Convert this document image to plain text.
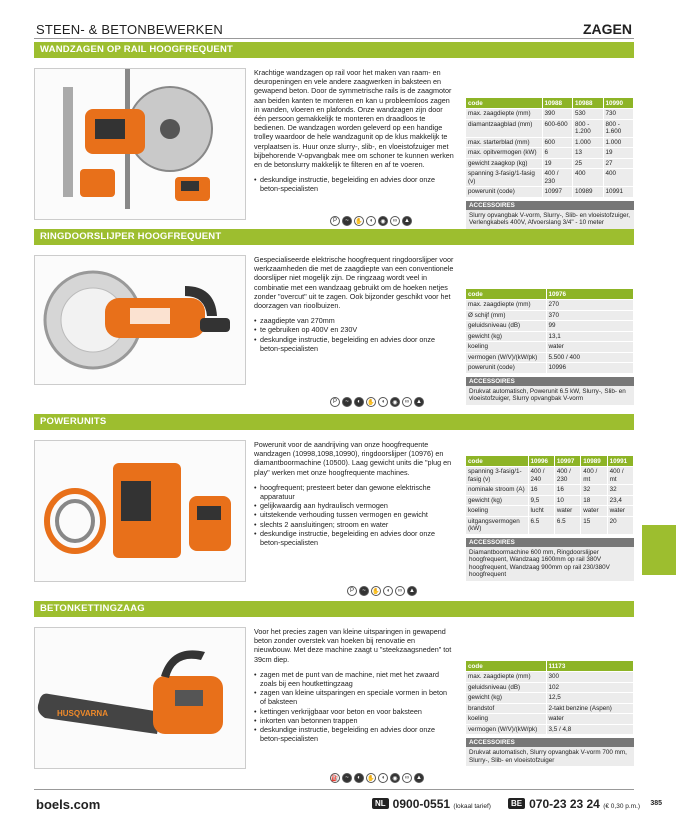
STEEN- & BETONBEWERKEN	ZAGEN
WANDZAGEN OP RAIL HOOGFREQUENT

Krachtige wandzagen op rail voor het maken van raam- en deuropeningen en vele andere zaagwerken in baksteen en gewapend beton. Door de symmetrische rails is de zaagmotor aan beiden kanten te monteren en kan u probleemloos zagen in wanden, vloeren en plafonds. Onze wandzagen zijn door één persoon gemakkelijk te monteren en draadloos te bedienen. De wandzagen worden geleverd op een handige trolley waardoor de hele wandzagunit op de klus makkelijk te verplaatsen is. Huur onze slurry-, slib-, en vloeistofzuiger met bijbehorende V-opvangbak mee om schoner te kunnen werken en de betonslurry makkelijk te filteren en af te voeren.

• deskundige instructie, begeleiding en advies door onze beton-specialisten
P	~	✋	◖	◉	∞	▲
code	10988	10988	10990
max. zaagdiepte (mm)	390	530	730
diamantzaagblad (mm)	600-600	800 - 1.200	800 - 1.600
max. starterblad (mm)	600	1.000	1.000
max. opitvermogen (kW)	6	13	19
gewicht zaagkop (kg)	19	25	27
spanning 3-fasig/1-fasig (v)	400 / 230	400	400
powerunit (code)	10997	10989	10991
ACCESSOIRES
Slurry opvangbak V-vorm, Slurry-, Slib- en vloeistofzuiger, Verlengkabels 400V, Afvoerslang 3/4" - 10 meter
RINGDOORSLIJPER HOOGFREQUENT

Gespecialiseerde elektrische hoogfrequent ringdoorslijper voor werkzaamheden die met de zaagdiepte van een conventionele doorslijper niet mogelijk zijn. De ringzaag wordt veel in combinatie met een wandzaag gebruikt om de hoeken netjes zonder "overcut" uit te zagen. Ook bijzonder geschikt voor het doorzagen van rioolbuizen.

• zaagdiepte van 270mm
• te gebruiken op 400V en 230V
• deskundige instructie, begeleiding en advies door onze beton-specialisten
P	~	◐	✋	◖	◉	∞	▲
code	10976
max. zaagdiepte (mm)	270
Ø schijf (mm)	370
geluidsniveau (dB)	99
gewicht (kg)	13,1
koeling	water
vermogen (W/V)/(kW/pk)	5.500 / 400
powerunit (code)	10996
ACCESSOIRES
Drukvat automatisch, Powerunit 6.5 kW, Slurry-, Slib- en vloeistofzuiger, Slurry opvangbak V-vorm
POWERUNITS

Powerunit voor de aandrijving van onze hoogfrequente wandzagen (10998,1098,10990), ringdoorslijper (10976) en diamantboormachine (10500). Laag gewicht units die "plug en play" werken met onze hoogfrequente machines.

• hoogfrequent; presteert beter dan gewone elektrische apparatuur
• gelijkwaardig aan hydraulisch vermogen
• uitstekende verhouding tussen vermogen en gewicht
• slechts 2 aansluitingen; stroom en water
• deskundige instructie, begeleiding en advies door onze beton-specialisten
P	~	✋	◖	∞	▲
code	10996	10997	10989	10991
spanning 3-fasig/1-fasig (v)	400 / 240	400 / 230	400 / mt	400 / mt
nominale stroom (A)	16	16	32	32
gewicht (kg)	9,5	10	18	23,4
koeling	lucht	water	water	water
uitgangsvermogen (kW)	6.5	6.5	15	20
ACCESSOIRES
Diamantboormachine 600 mm, Ringdoorslijper hoogfrequent, Wandzaag 1600mm op rail 380V hoogfrequent, Wandzaag 900mm op rail 230/380V hoogfrequent
BETONKETTINGZAAG
HUSQVARNA

Voor het precies zagen van kleine uitsparingen in gewapend beton zonder overstek van hoeken bij renovatie en nieuwbouw. Met deze machine zaagt u "steekzaagsneden" tot 39cm diep.

• zagen met de punt van de machine, niet met het zwaard zoals bij een houtkettingzaag
• zagen van kleine uitsparingen en speciale vormen in beton of baksteen
• kettingen verkrijgbaar voor beton en voor baksteen
• inkorten van betonnen trappen
• deskundige instructie, begeleiding en advies door onze beton-specialisten
⛽	~	◐	✋	◖	◉	∞	▲
code	11173
max. zaagdiepte (mm)	300
geluidsniveau (dB)	102
gewicht (kg)	12,5
brandstof	2-takt benzine (Aspen)
koeling	water
vermogen (W/V)/(kW/pk)	3,5 / 4,8
ACCESSOIRES
Drukvat automatisch, Slurry opvangbak V-vorm 700 mm, Slurry-, Slib- en vloeistofzuiger
boels.com	NL 0900-0551 (lokaal tarief)	BE 070-23 23 24 (€ 0,30 p.m.) 385
